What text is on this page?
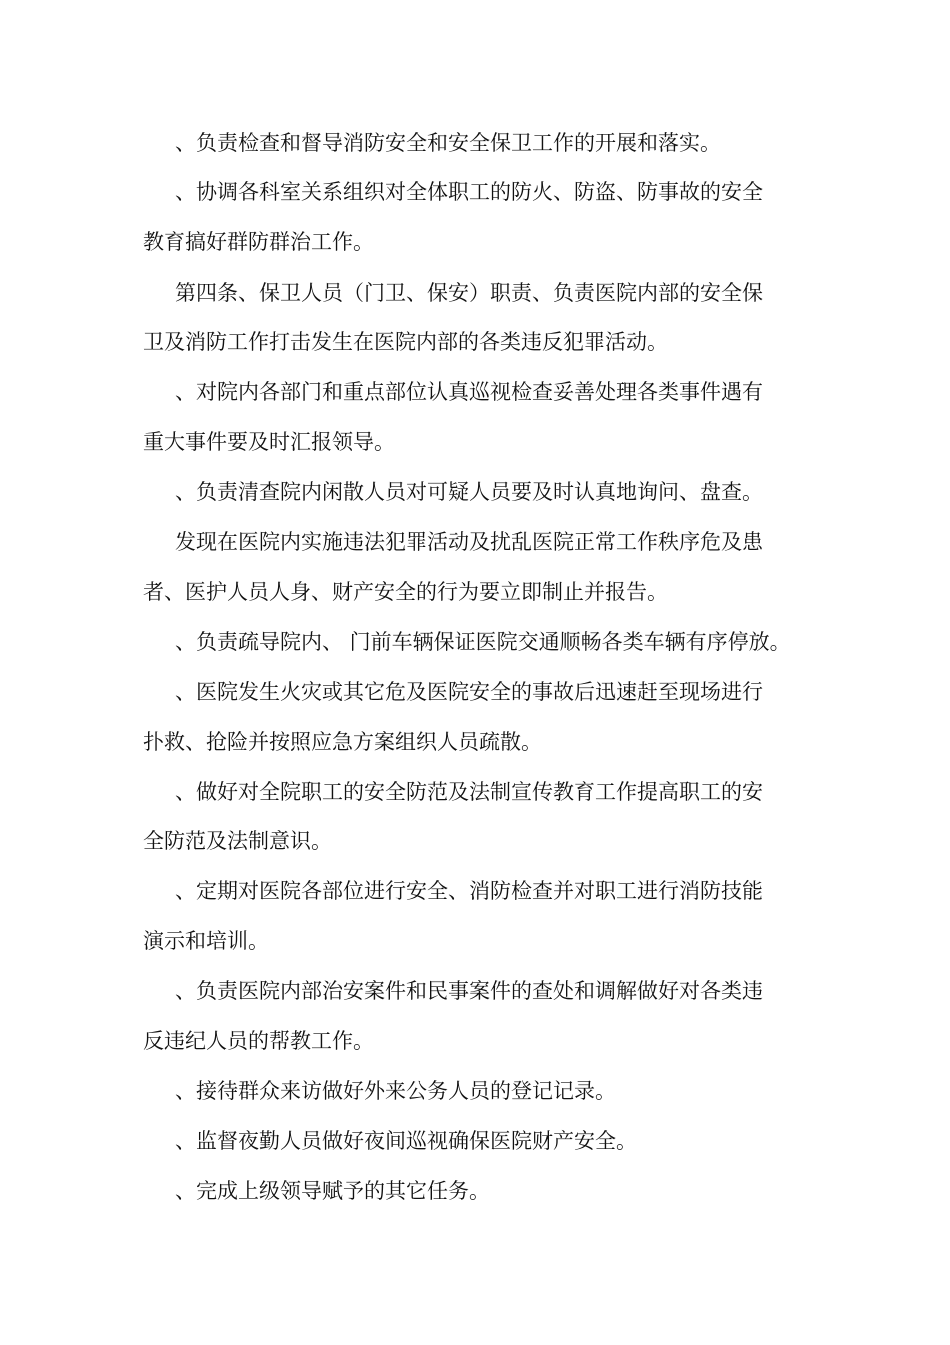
、负责检查和督导消防安全和安全保卫工作的开展和落实。
、协调各科室关系组织对全体职工的防火、防盗、防事故的安全
教育搞好群防群治工作。
第四条、保卫人员（门卫、保安）职责、负责医院内部的安全保
卫及消防工作打击发生在医院内部的各类违反犯罪活动。
、对院内各部门和重点部位认真巡视检查妥善处理各类事件遇有
重大事件要及时汇报领导。
、负责清查院内闲散人员对可疑人员要及时认真地询问、盘查。
发现在医院内实施违法犯罪活动及扰乱医院正常工作秩序危及患
者、医护人员人身、财产安全的行为要立即制止并报告。
、负责疏导院内、 门前车辆保证医院交通顺畅各类车辆有序停放。
、医院发生火灾或其它危及医院安全的事故后迅速赶至现场进行
扑救、抢险并按照应急方案组织人员疏散。
、做好对全院职工的安全防范及法制宣传教育工作提高职工的安
全防范及法制意识。
、定期对医院各部位进行安全、消防检查并对职工进行消防技能
演示和培训。
、负责医院内部治安案件和民事案件的查处和调解做好对各类违
反违纪人员的帮教工作。
、接待群众来访做好外来公务人员的登记记录。
、监督夜勤人员做好夜间巡视确保医院财产安全。
、完成上级领导赋予的其它任务。
